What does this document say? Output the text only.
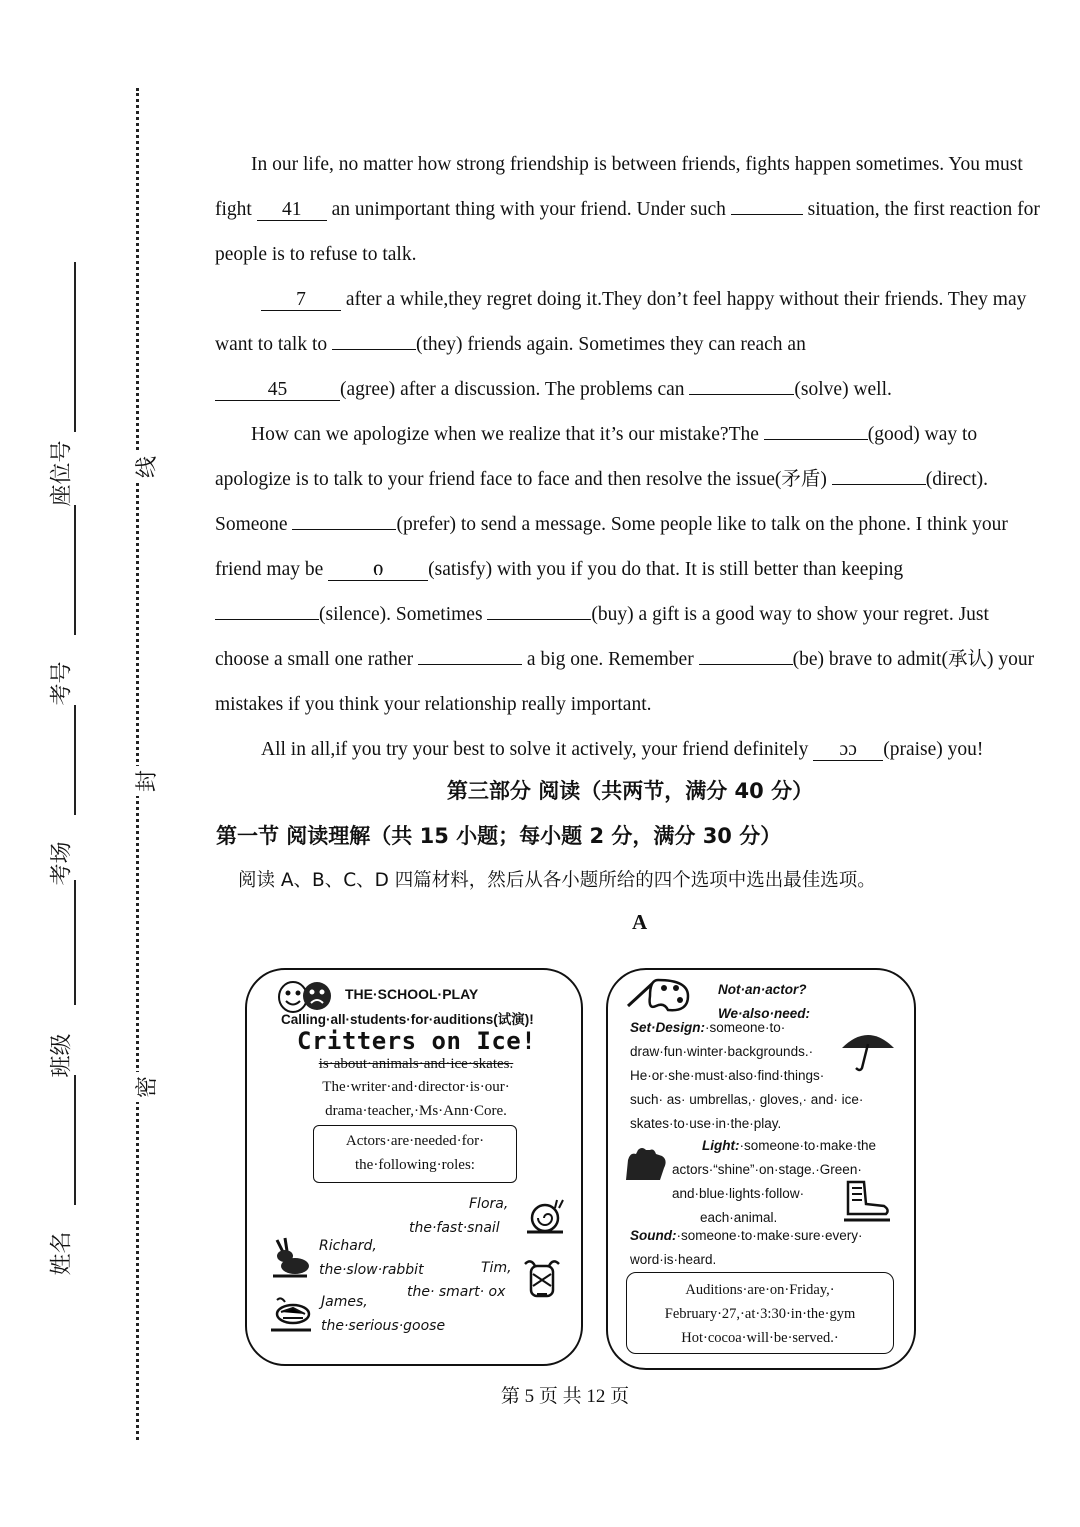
座位号
考号
考场
班级
姓名
线
封
密

In our life, no matter how strong friendship is between friends, fights happen sometimes. You must fight 41 an unimportant thing with your friend. Under such	situation, the first reaction for people is to refuse to talk.

7 after a while,they regret doing it.They don’t feel happy without their friends. They may want to talk to	(they) friends again. Sometimes they can reach an
45	(agree) after a discussion. The problems can	(solve) well.

How can we apologize when we realize that it’s our mistake?The	(good) way to apologize is to talk to your friend face to face and then resolve the issue(矛盾)	(direct). Someone	(prefer) to send a message. Some people like to talk on the phone. I think your friend may be	ი (satisfy) with you if you do that. It is still better than keeping
(silence). Sometimes	(buy) a gift is a good way to show your regret. Just choose a small one rather	a big one. Remember	(be) brave to admit(承认) your mistakes if you think your relationship really important.

All in all,if you try your best to solve it actively, your friend definitely ɔɔ (praise) you!

第三部分 阅读（共两节，满分 40 分）
第一节 阅读理解（共 15 小题；每小题 2 分，满分 30 分）
阅读 A、B、C、D 四篇材料，然后从各小题所给的四个选项中选出最佳选项。
A
THE·SCHOOL·PLAY
Calling·all·students·for·auditions(试演)!
Critters on Ice!
is·about·animals·and·ice·skates.
The·writer·and·director·is·our·
drama·teacher,·Ms·Ann·Core.
Actors·are·needed·for·
the·following·roles:
Flora,
the·fast·snail
Richard,
the·slow·rabbit	Tim,
the· smart· ox
James,
the·serious·goose
Not·an·actor?
We·also·need:
Set·Design:·someone·to·
draw·fun·winter·backgrounds.·
He·or·she·must·also·find·things·
such· as· umbrellas,· gloves,· and· ice·
skates·to·use·in·the·play.
Light:·someone·to·make·the
actors·“shine”·on·stage.·Green·
and·blue·lights·follow·
each·animal.
Sound:·someone·to·make·sure·every·
word·is·heard.
Auditions·are·on·Friday,·
February·27,·at·3:30·in·the·gym
Hot·cocoa·will·be·served.·
第 5 页 共 12 页
